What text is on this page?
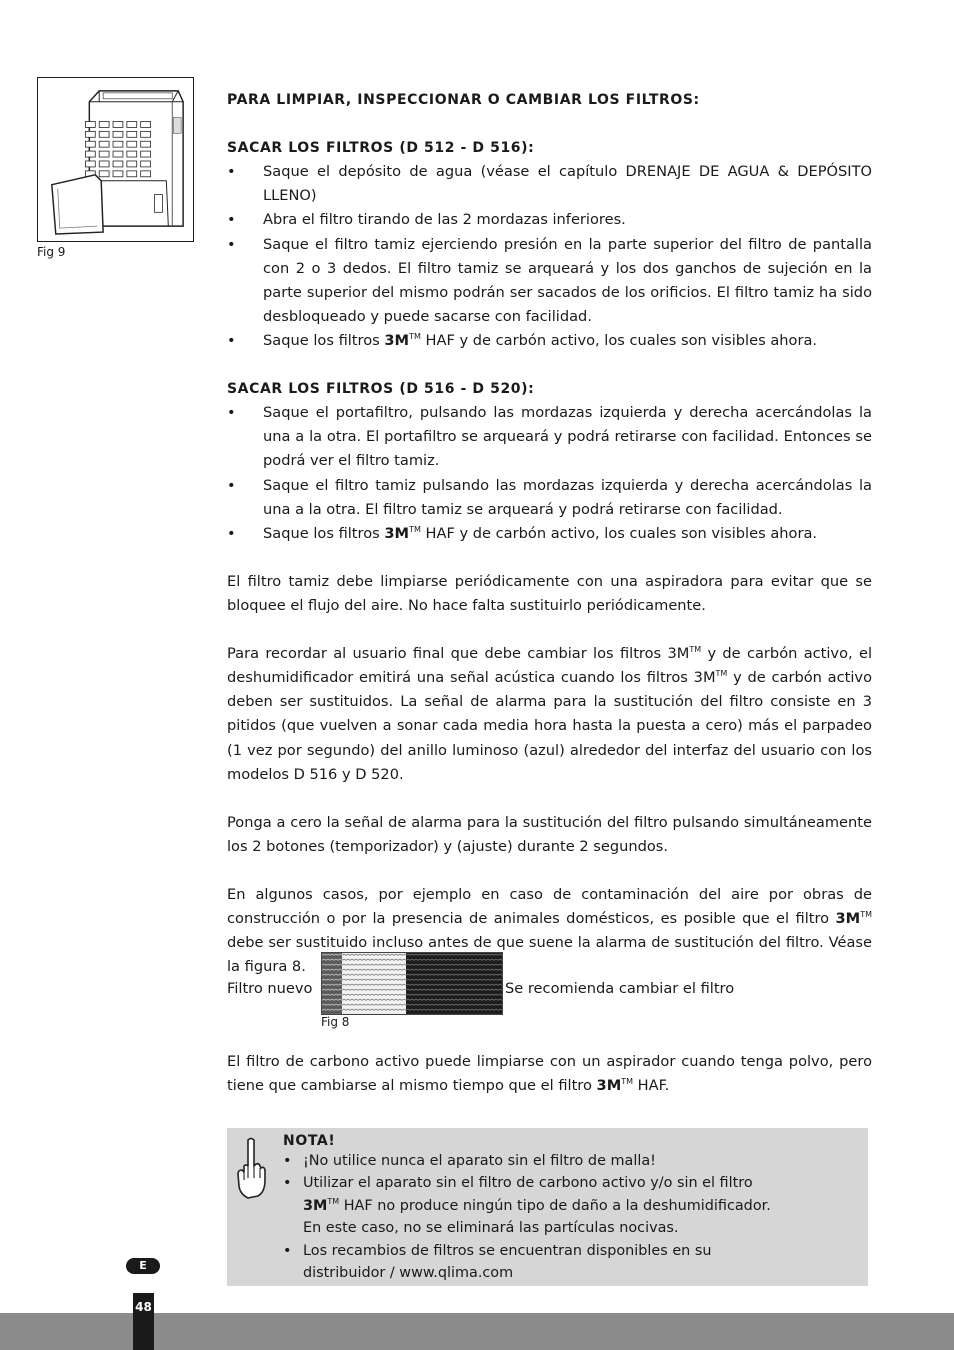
Fig 9

PARA LIMPIAR, INSPECCIONAR O CAMBIAR LOS FILTROS:

SACAR LOS FILTROS (D 512 - D 516):

• Saque el depósito de agua (véase el capítulo DRENAJE DE AGUA & DEPÓSITO LLENO)
• Abra el filtro tirando de las 2 mordazas inferiores.
• Saque el filtro tamiz ejerciendo presión en la parte superior del filtro de pantalla con 2 o 3 dedos. El filtro tamiz se arqueará y los dos ganchos de sujeción en la parte superior del mismo podrán ser sacados de los orificios. El filtro tamiz ha sido desbloqueado y puede sacarse con facilidad.
• Saque los filtros 3M™ HAF y de carbón activo, los cuales son visibles ahora.

SACAR LOS FILTROS (D 516 - D 520):

• Saque el portafiltro, pulsando las mordazas izquierda y derecha acercándolas la una a la otra. El portafiltro se arqueará y podrá retirarse con facilidad. Entonces se podrá ver el filtro tamiz.
• Saque el filtro tamiz pulsando las mordazas izquierda y derecha acercándolas la una a la otra. El filtro tamiz se arqueará y podrá retirarse con facilidad.
• Saque los filtros 3M™ HAF y de carbón activo, los cuales son visibles ahora.

El filtro tamiz debe limpiarse periódicamente con una aspiradora para evitar que se bloquee el flujo del aire. No hace falta sustituirlo periódicamente.

Para recordar al usuario final que debe cambiar los filtros 3M™ y de carbón activo, el deshumidificador emitirá una señal acústica cuando los filtros 3M™ y de carbón activo deben ser sustituidos. La señal de alarma para la sustitución del filtro consiste en 3 pitidos (que vuelven a sonar cada media hora hasta la puesta a cero) más el parpadeo (1 vez por segundo) del anillo luminoso (azul) alrededor del interfaz del usuario con los modelos D 516 y D 520.

Ponga a cero la señal de alarma para la sustitución del filtro pulsando simultáneamente los 2 botones (temporizador) y (ajuste) durante 2 segundos.

En algunos casos, por ejemplo en caso de contaminación del aire por obras de construcción o por la presencia de animales domésticos, es posible que el filtro 3M™ debe ser sustituido incluso antes de que suene la alarma de sustitución del filtro. Véase la figura 8.

Filtro nuevo	Se recomienda cambiar el filtro
Fig 8

El filtro de carbono activo puede limpiarse con un aspirador cuando tenga polvo, pero tiene que cambiarse al mismo tiempo que el filtro 3M™ HAF.

NOTA!
• ¡No utilice nunca el aparato sin el filtro de malla!
• Utilizar el aparato sin el filtro de carbono activo y/o sin el filtro 3M™ HAF no produce ningún tipo de daño a la deshumidificador. En este caso, no se eliminará las partículas nocivas.
• Los recambios de filtros se encuentran disponibles en su distribuidor / www.qlima.com
E
48
